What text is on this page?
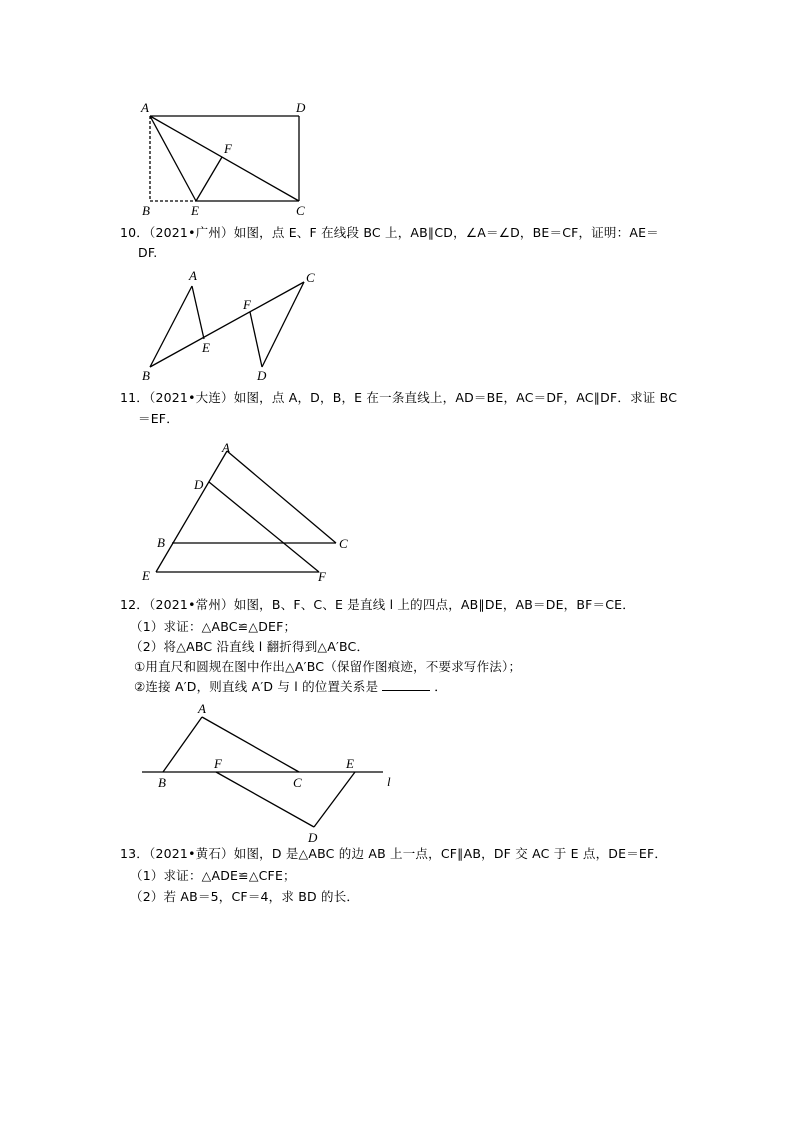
A	D
F
B	E	C
10．（2021•广州）如图，点 E、F 在线段 BC 上，AB∥CD，∠A＝∠D，BE＝CF，证明：AE＝
DF.
A	C
F
E
B	D
11．（2021•大连）如图，点 A，D，B，E 在一条直线上，AD＝BE，AC＝DF，AC∥DF．求证 BC
＝EF．
A
D
B	C
E	F
12．（2021•常州）如图，B、F、C、E 是直线 l 上的四点，AB∥DE，AB＝DE，BF＝CE．
（1）求证：△ABC≌△DEF；
（2）将△ABC 沿直线 l 翻折得到△A′BC．
①用直尺和圆规在图中作出△A′BC（保留作图痕迹，不要求写作法）；
②连接 A′D，则直线 A′D 与 l 的位置关系是	．
A
F	E
B	C	l
D
13．（2021•黄石）如图，D 是△ABC 的边 AB 上一点，CF∥AB，DF 交 AC 于 E 点，DE＝EF．
（1）求证：△ADE≌△CFE；
（2）若 AB＝5，CF＝4，求 BD 的长．
